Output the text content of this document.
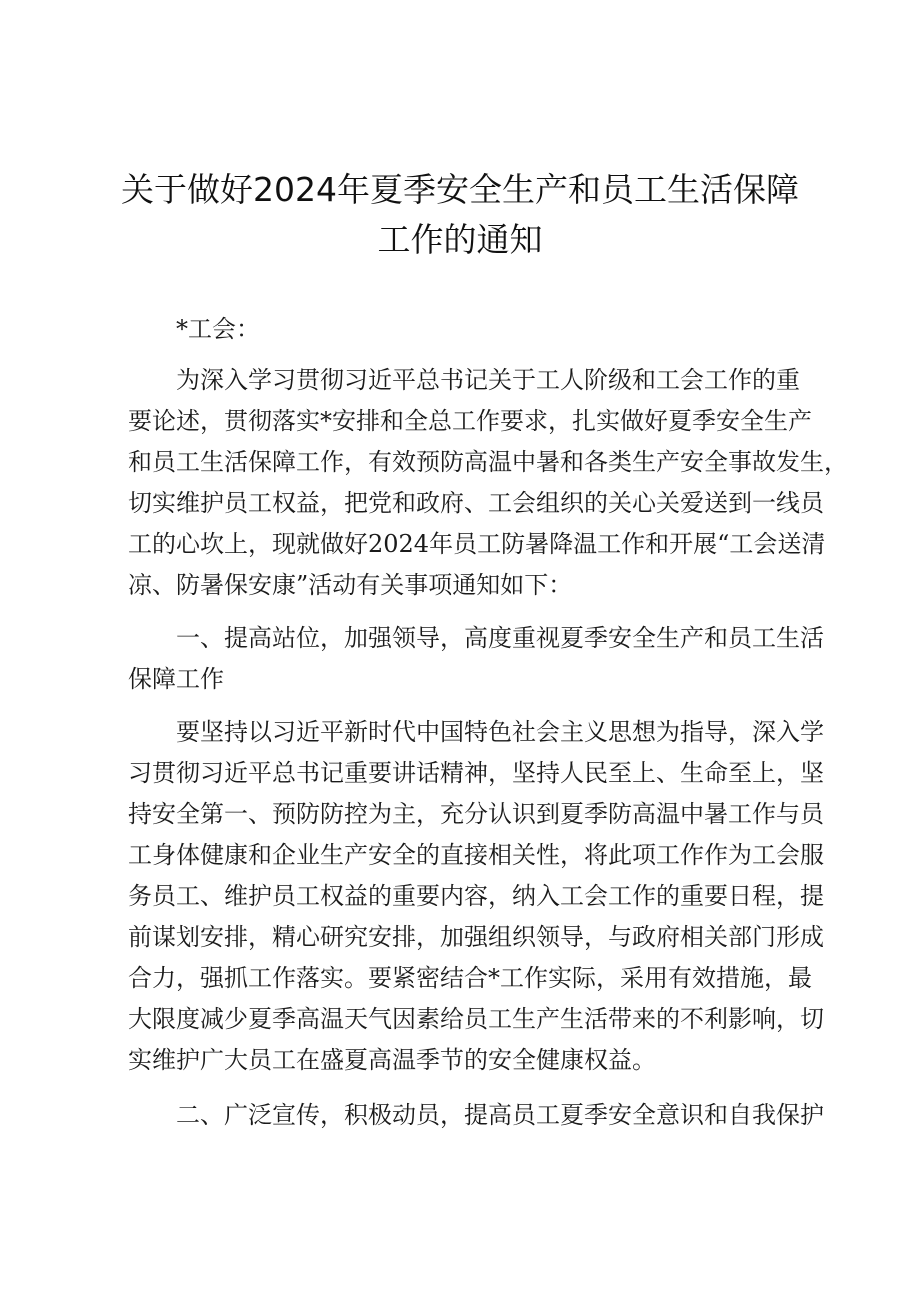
关于做好2024年夏季安全生产和员工生活保障
工作的通知

*工会：

为深入学习贯彻习近平总书记关于工人阶级和工会工作的重

要论述，贯彻落实*安排和全总工作要求，扎实做好夏季安全生产

和员工生活保障工作，有效预防高温中暑和各类生产安全事故发生，

切实维护员工权益，把党和政府、工会组织的关心关爱送到一线员

工的心坎上，现就做好2024年员工防暑降温工作和开展“工会送清

凉、防暑保安康”活动有关事项通知如下：

一、提高站位，加强领导，高度重视夏季安全生产和员工生活

保障工作

要坚持以习近平新时代中国特色社会主义思想为指导，深入学

习贯彻习近平总书记重要讲话精神，坚持人民至上、生命至上，坚

持安全第一、预防防控为主，充分认识到夏季防高温中暑工作与员

工身体健康和企业生产安全的直接相关性，将此项工作作为工会服

务员工、维护员工权益的重要内容，纳入工会工作的重要日程，提

前谋划安排，精心研究安排，加强组织领导，与政府相关部门形成

合力，强抓工作落实。要紧密结合*工作实际，采用有效措施，最

大限度减少夏季高温天气因素给员工生产生活带来的不利影响，切

实维护广大员工在盛夏高温季节的安全健康权益。

二、广泛宣传，积极动员，提高员工夏季安全意识和自我保护
